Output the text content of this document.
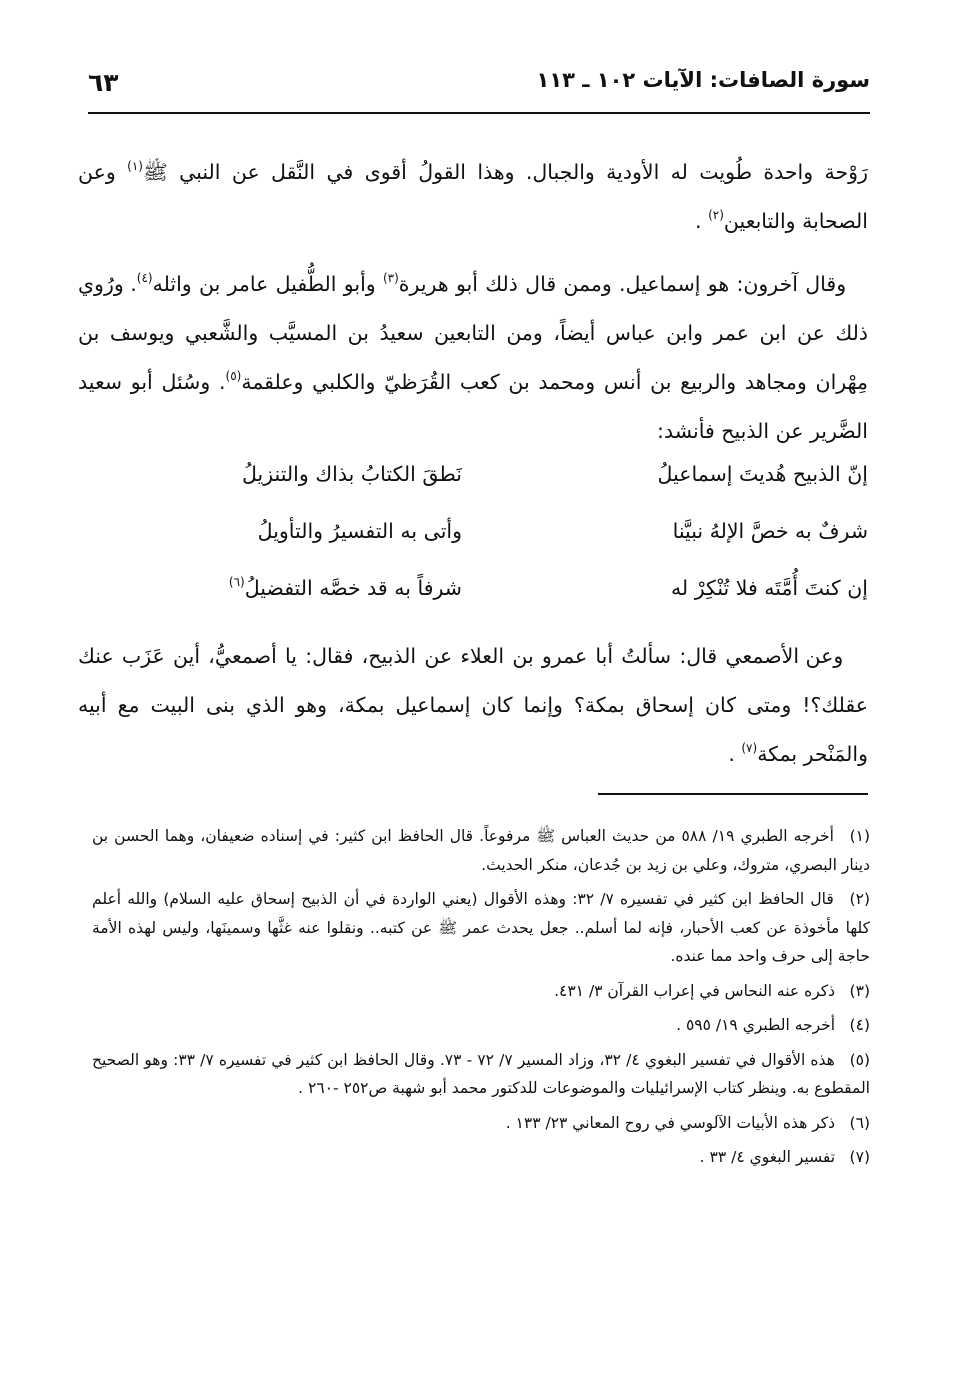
سورة الصافات: الآيات ١٠٢ ـ ١١٣
٦٣

رَوْحة واحدة طُويت له الأودية والجبال. وهذا القولُ أقوى في النَّقل عن النبي ﷺ$^{(١)}$ وعن الصحابة والتابعين$^{(٢)}$ .

وقال آخرون: هو إسماعيل. وممن قال ذلك أبو هريرة$^{(٣)}$ وأبو الطُّفيل عامر بن واثله$^{(٤)}$. ورُوي ذلك عن ابن عمر وابن عباس أيضاً، ومن التابعين سعيدُ بن المسيَّب والشَّعبي ويوسف بن مِهْران ومجاهد والربيع بن أنس ومحمد بن كعب القُرَظيّ والكلبي وعلقمة$^{(٥)}$. وسُئل أبو سعيد الضَّرير عن الذبيح فأنشد:

إنّ الذبيح هُديتَ إسماعيلُ
نَطقَ الكتابُ بذاك والتنزيلُ
شرفٌ به خصَّ الإلهُ نبيَّنا
وأتى به التفسيرُ والتأويلُ
إن كنتَ أُمَّتَه فلا تُنْكِرْ له
شرفاً به قد خصَّه التفضيلُ$^{(٦)}$

وعن الأصمعي قال: سألتُ أبا عمرو بن العلاء عن الذبيح، فقال: يا أصمعيُّ، أين عَزَب عنك عقلك؟! ومتى كان إسحاق بمكة؟ وإنما كان إسماعيل بمكة، وهو الذي بنى البيت مع أبيه والمَنْحر بمكة$^{(٧)}$ .

(١) أخرجه الطبري ١٩/ ٥٨٨ من حديث العباس ﷺ مرفوعاً. قال الحافظ ابن كثير: في إسناده ضعيفان، وهما الحسن بن دينار البصري، متروك، وعلي بن زيد بن جُدعان، منكر الحديث.

(٢) قال الحافظ ابن كثير في تفسيره ٧/ ٣٢: وهذه الأقوال (يعني الواردة في أن الذبيح إسحاق عليه السلام) والله أعلم كلها مأخوذة عن كعب الأحبار، فإنه لما أسلم.. جعل يحدث عمر ﷺ عن كتبه.. ونقلوا عنه غثَّها وسمينَها، وليس لهذه الأمة حاجة إلى حرف واحد مما عنده.

(٣) ذكره عنه النحاس في إعراب القرآن ٣/ ٤٣١.

(٤) أخرجه الطبري ١٩/ ٥٩٥ .

(٥) هذه الأقوال في تفسير البغوي ٤/ ٣٢، وزاد المسير ٧/ ٧٢ - ٧٣. وقال الحافظ ابن كثير في تفسيره ٧/ ٣٣: وهو الصحيح المقطوع به. وينظر كتاب الإسرائيليات والموضوعات للدكتور محمد أبو شهبة ص٢٥٢ -٢٦٠ .

(٦) ذكر هذه الأبيات الآلوسي في روح المعاني ٢٣/ ١٣٣ .

(٧) تفسير البغوي ٤/ ٣٣ .
